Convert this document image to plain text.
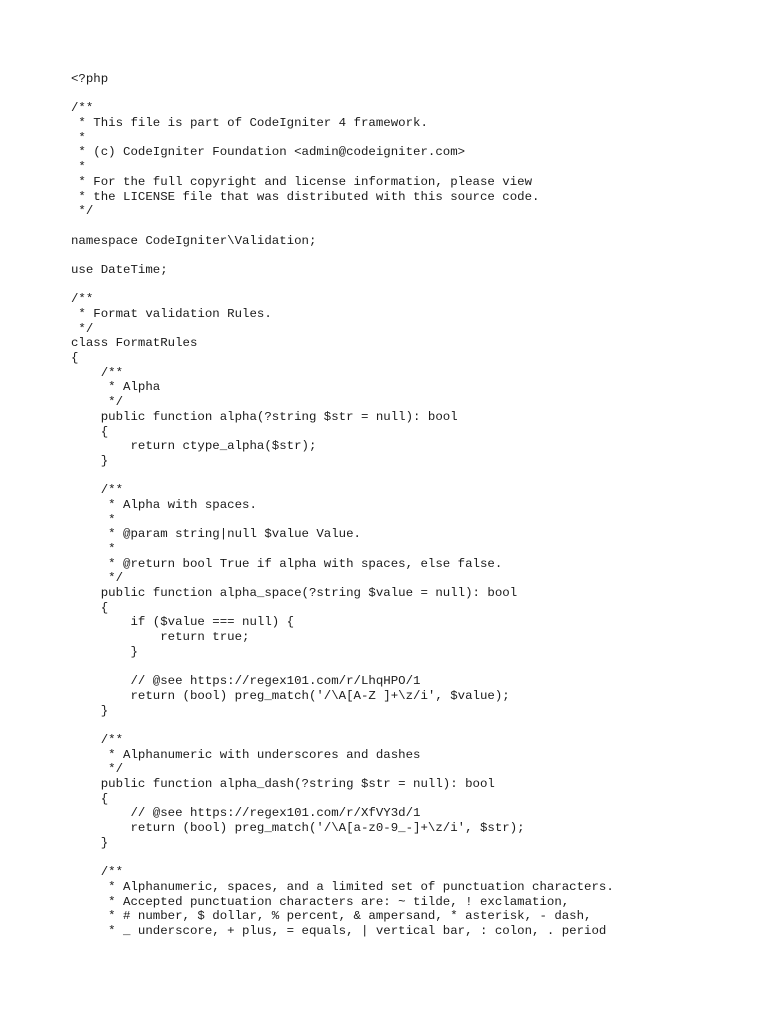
<?php
/**
* This file is part of CodeIgniter 4 framework.
*
* (c) CodeIgniter Foundation <admin@codeigniter.com>
*
* For the full copyright and license information, please view
* the LICENSE file that was distributed with this source code.
*/
namespace CodeIgniter\Validation;
use DateTime;
/**
* Format validation Rules.
*/
class FormatRules
{
/**
* Alpha
*/
public function alpha(?string $str = null): bool
{
return ctype_alpha($str);
}
/**
* Alpha with spaces.
*
* @param string|null $value Value.
*
* @return bool True if alpha with spaces, else false.
*/
public function alpha_space(?string $value = null): bool
{
if ($value === null) {
return true;
}
// @see https://regex101.com/r/LhqHPO/1
return (bool) preg_match('/\A[A-Z ]+\z/i', $value);
}
/**
* Alphanumeric with underscores and dashes
*/
public function alpha_dash(?string $str = null): bool
{
// @see https://regex101.com/r/XfVY3d/1
return (bool) preg_match('/\A[a-z0-9_-]+\z/i', $str);
}
/**
* Alphanumeric, spaces, and a limited set of punctuation characters.
* Accepted punctuation characters are: ~ tilde, ! exclamation,
* # number, $ dollar, % percent, & ampersand, * asterisk, - dash,
* _ underscore, + plus, = equals, | vertical bar, : colon, . period
